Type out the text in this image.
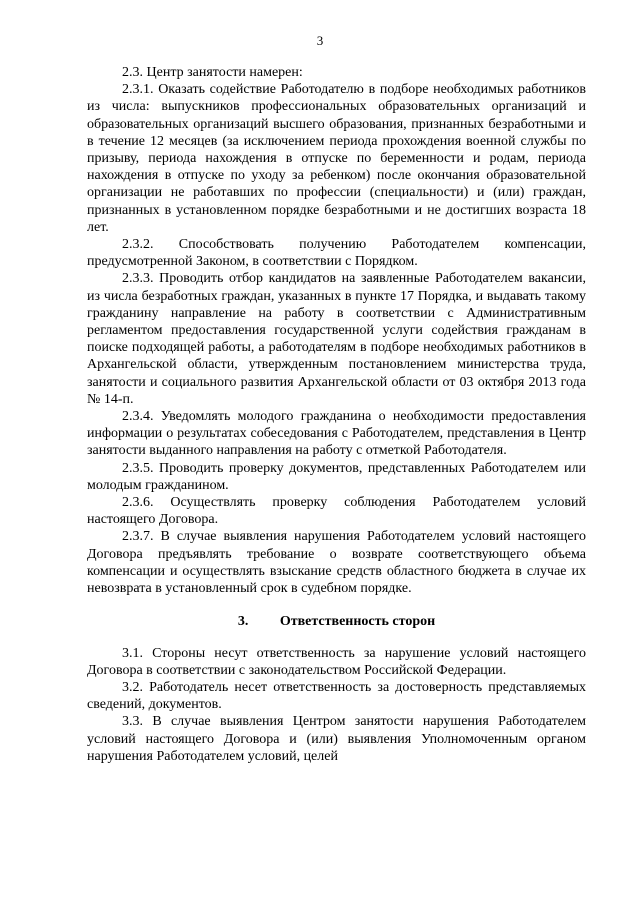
3

2.3. Центр занятости намерен:

2.3.1. Оказать содействие Работодателю в подборе необходимых работников из числа: выпускников профессиональных образовательных организаций и образовательных организаций высшего образования, признанных безработными и в течение 12 месяцев (за исключением периода прохождения военной службы по призыву, периода нахождения в отпуске по беременности и родам, периода нахождения в отпуске по уходу за ребенком) после окончания образовательной организации не работавших по профессии (специальности) и (или) граждан, признанных в установленном порядке безработными и не достигших возраста 18 лет.

2.3.2. Способствовать получению Работодателем компенсации, предусмотренной Законом, в соответствии с Порядком.

2.3.3. Проводить отбор кандидатов на заявленные Работодателем вакансии, из числа безработных граждан, указанных в пункте 17 Порядка, и выдавать такому гражданину направление на работу в соответствии с Административным регламентом предоставления государственной услуги содействия гражданам в поиске подходящей работы, а работодателям в подборе необходимых работников в Архангельской области, утвержденным постановлением министерства труда, занятости и социального развития Архангельской области от 03 октября 2013 года № 14-п.

2.3.4. Уведомлять молодого гражданина о необходимости предоставления информации о результатах собеседования с Работодателем, представления в Центр занятости выданного направления на работу с отметкой Работодателя.

2.3.5. Проводить проверку документов, представленных Работодателем или молодым гражданином.

2.3.6. Осуществлять проверку соблюдения Работодателем условий настоящего Договора.

2.3.7. В случае выявления нарушения Работодателем условий настоящего Договора предъявлять требование о возврате соответствующего объема компенсации и осуществлять взыскание средств областного бюджета в случае их невозврата в установленный срок в судебном порядке.

3. Ответственность сторон

3.1. Стороны несут ответственность за нарушение условий настоящего Договора в соответствии с законодательством Российской Федерации.

3.2. Работодатель несет ответственность за достоверность представляемых сведений, документов.

3.3. В случае выявления Центром занятости нарушения Работодателем условий настоящего Договора и (или) выявления Уполномоченным органом нарушения Работодателем условий, целей
